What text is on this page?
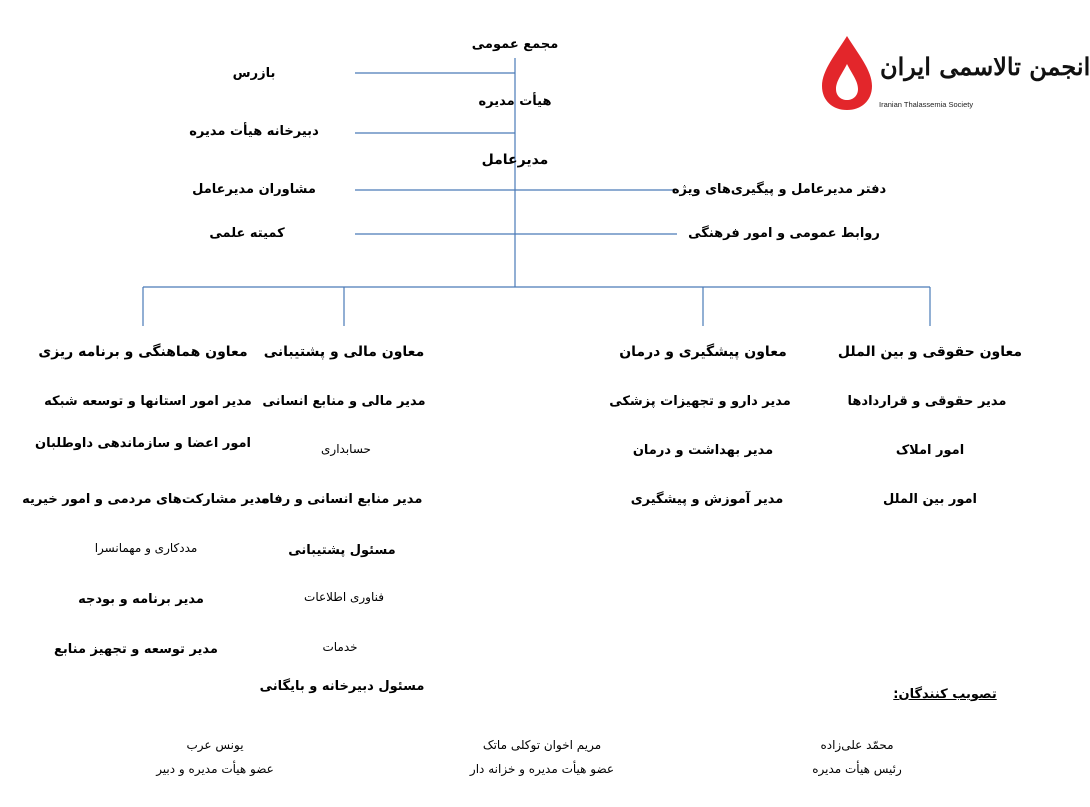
انجمن تالاسمی ایران
Iranian Thalassemia Society
مجمع عمومی
بازرس
هیأت مدیره
دبیرخانه هیأت مدیره
مدیرعامل
مشاوران مدیرعامل	دفتر مدیرعامل و پیگیری‌های ویژه
کمیته علمی	روابط عمومی و امور فرهنگی
معاون حقوقی و بین الملل
مدیر حقوقی و قراردادها
امور املاک
امور بین الملل
معاون پیشگیری و درمان
مدیر دارو و تجهیزات پزشکی
مدیر بهداشت و درمان
مدیر آموزش و پیشگیری
معاون مالی و پشتیبانی
مدیر مالی و منابع انسانی
حسابداری
مدیر منابع انسانی و رفاه
مسئول پشتیبانی
فناوری اطلاعات
خدمات
مسئول دبیرخانه و بایگانی
معاون هماهنگی و برنامه ریزی
مدیر امور استانها و توسعه شبکه
امور اعضا و سازماندهی داوطلبان
مدیر مشارکت‌های مردمی و امور خیریه
مددکاری و مهمانسرا
مدیر برنامه و بودجه
مدیر توسعه و تجهیز منابع
تصویب کنندگان:
محمّد علی‌زاده
رئیس هیأت مدیره
مریم اخوان توکلی ماتک
عضو هیأت مدیره و خزانه دار
یونس عرب
عضو هیأت مدیره و دبیر
